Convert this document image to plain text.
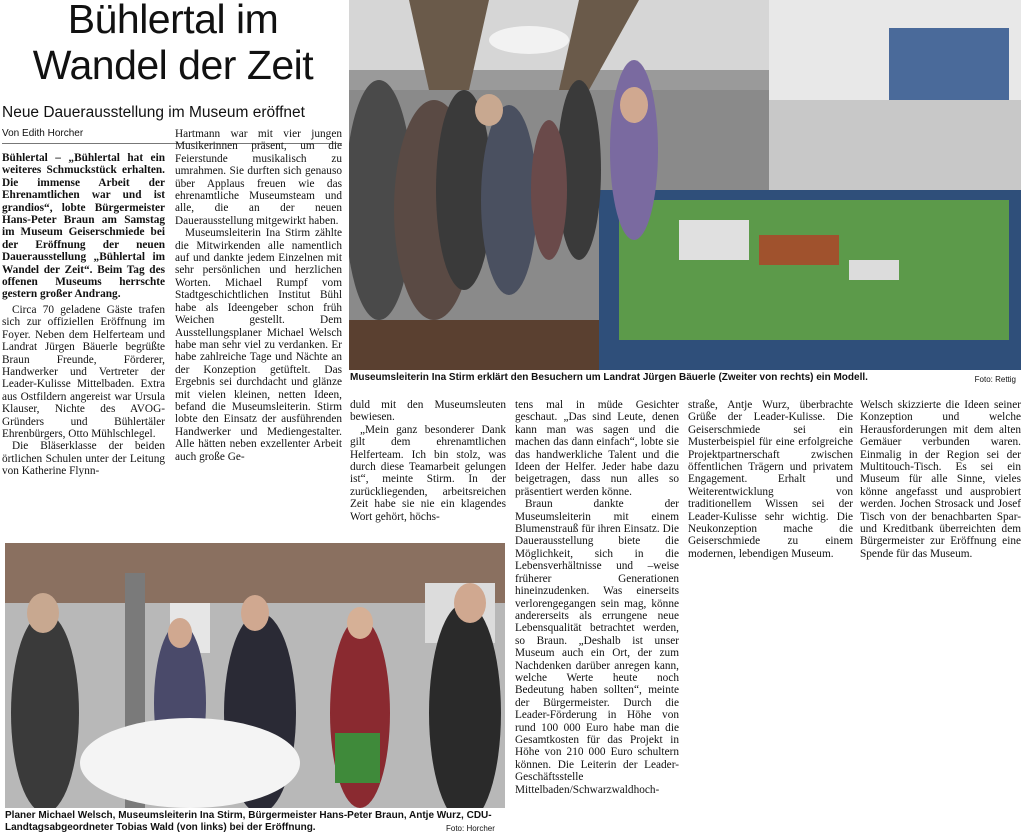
Bühlertal im
Wandel der Zeit
Neue Dauerausstellung im Museum eröffnet
Von Edith Horcher

Bühlertal – „Bühlertal hat ein weiteres Schmuckstück erhalten. Die immense Arbeit der Ehrenamtlichen war und ist grandios“, lobte Bürgermeister Hans-Peter Braun am Samstag im Museum Geiserschmiede bei der Eröffnung der neuen Dauerausstellung „Bühlertal im Wandel der Zeit“. Beim Tag des offenen Museums herrschte gestern großer Andrang.

Circa 70 geladene Gäste trafen sich zur offiziellen Eröffnung im Foyer. Neben dem Helferteam und Landrat Jürgen Bäuerle begrüßte Braun Freunde, Förderer, Handwerker und Vertreter der Leader-Kulisse Mittelbaden. Extra aus Ostfildern angereist war Ursula Klauser, Nichte des AVOG-Gründers und Bühlertäler Ehrenbürgers, Otto Mühlschlegel.

Die Bläserklasse der beiden örtlichen Schulen unter der Leitung von Katherine Flynn-

Hartmann war mit vier jungen Musikerinnen präsent, um die Feierstunde musikalisch zu umrahmen. Sie durften sich genauso über Applaus freuen wie das ehrenamtliche Museumsteam und alle, die an der neuen Dauerausstellung mitgewirkt haben.

Museumsleiterin Ina Stirm zählte die Mitwirkenden alle namentlich auf und dankte jedem Einzelnen mit sehr persönlichen und herzlichen Worten. Michael Rumpf vom Stadtgeschichtlichen Institut Bühl habe als Ideengeber schon früh Weichen gestellt. Dem Ausstellungsplaner Michael Welsch habe man sehr viel zu verdanken. Er habe zahlreiche Tage und Nächte an der Konzeption getüftelt. Das Ergebnis sei durchdacht und glänze mit vielen kleinen, netten Ideen, befand die Museumsleiterin. Stirm lobte den Einsatz der ausführenden Handwerker und Mediengestalter. Alle hätten neben exzellenter Arbeit auch große Ge-

Museumsleiterin Ina Stirm erklärt den Besuchern um Landrat Jürgen Bäuerle (Zweiter von rechts) ein Modell.	Foto: Rettig

duld mit den Museumsleuten bewiesen.

„Mein ganz besonderer Dank gilt dem ehrenamtlichen Helferteam. Ich bin stolz, was durch diese Teamarbeit gelungen ist“, meinte Stirm. In der zurückliegenden, arbeitsreichen Zeit habe sie nie ein klagendes Wort gehört, höchs-

tens mal in müde Gesichter geschaut. „Das sind Leute, denen kann man was sagen und die machen das dann einfach“, lobte sie das handwerkliche Talent und die Ideen der Helfer. Jeder habe dazu beigetragen, dass nun alles so präsentiert werden könne.

Braun dankte der Museumsleiterin mit einem Blumenstrauß für ihren Einsatz. Die Dauerausstellung biete die Möglichkeit, sich in die Lebensverhältnisse und –weise früherer Generationen hineinzudenken. Was einerseits verlorengegangen sein mag, könne andererseits als errungene neue Lebensqualität betrachtet werden, so Braun. „Deshalb ist unser Museum auch ein Ort, der zum Nachdenken darüber anregen kann, welche Werte heute noch Bedeutung haben sollten“, meinte der Bürgermeister. Durch die Leader-Förderung in Höhe von rund 100 000 Euro habe man die Gesamtkosten für das Projekt in Höhe von 210 000 Euro schultern können. Die Leiterin der Leader-Geschäftsstelle Mittelbaden/Schwarzwaldhoch-

straße, Antje Wurz, überbrachte Grüße der Leader-Kulisse. Die Geiserschmiede sei ein Musterbeispiel für eine erfolgreiche Projektpartnerschaft zwischen öffentlichen Trägern und privatem Engagement. Erhalt und Weiterentwicklung von traditionellem Wissen sei der Leader-Kulisse sehr wichtig. Die Neukonzeption mache die Geiserschmiede zu einem modernen, lebendigen Museum.

Welsch skizzierte die Ideen seiner Konzeption und welche Herausforderungen mit dem alten Gemäuer verbunden waren. Einmalig in der Region sei der Multitouch-Tisch. Es sei ein Museum für alle Sinne, vieles könne angefasst und ausprobiert werden. Jochen Strosack und Josef Tisch von der benachbarten Spar- und Kreditbank überreichten dem Bürgermeister zur Eröffnung eine Spende für das Museum.

Planer Michael Welsch, Museumsleiterin Ina Stirm, Bürgermeister Hans-Peter Braun, Antje Wurz, CDU-Landtagsabgeordneter Tobias Wald (von links) bei der Eröffnung.	Foto: Horcher
